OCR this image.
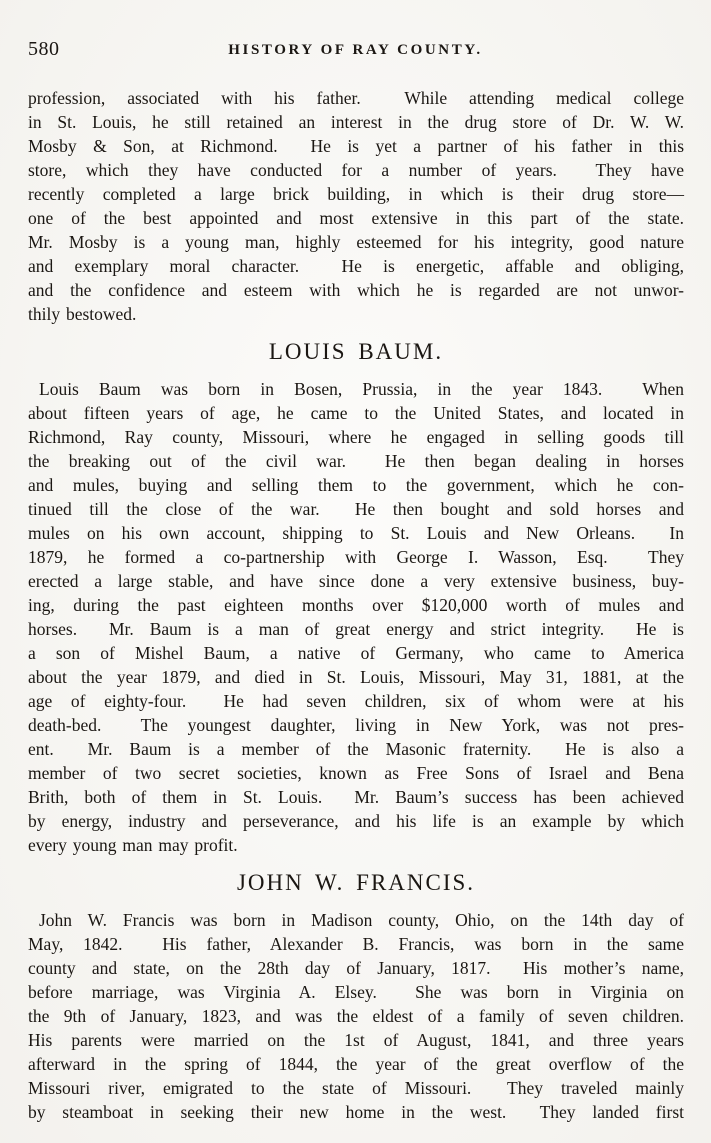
580	HISTORY OF RAY COUNTY.
profession, associated with his father.  While attending medical college
in St. Louis, he still retained an interest in the drug store of Dr. W. W.
Mosby & Son, at Richmond.  He is yet a partner of his father in this
store, which they have conducted for a number of years.  They have
recently completed a large brick building, in which is their drug store—
one of the best appointed and most extensive in this part of the state.
Mr. Mosby is a young man, highly esteemed for his integrity, good nature
and exemplary moral character.  He is energetic, affable and obliging,
and the confidence and esteem with which he is regarded are not unwor-
thily bestowed.
LOUIS BAUM.
Louis Baum was born in Bosen, Prussia, in the year 1843.  When
about fifteen years of age, he came to the United States, and located in
Richmond, Ray county, Missouri, where he engaged in selling goods till
the breaking out of the civil war.  He then began dealing in horses
and mules, buying and selling them to the government, which he con-
tinued till the close of the war.  He then bought and sold horses and
mules on his own account, shipping to St. Louis and New Orleans.  In
1879, he formed a co-partnership with George I. Wasson, Esq.  They
erected a large stable, and have since done a very extensive business, buy-
ing, during the past eighteen months over $120,000 worth of mules and
horses.  Mr. Baum is a man of great energy and strict integrity.  He is
a son of Mishel Baum, a native of Germany, who came to America
about the year 1879, and died in St. Louis, Missouri, May 31, 1881, at the
age of eighty-four.  He had seven children, six of whom were at his
death-bed.  The youngest daughter, living in New York, was not pres-
ent.  Mr. Baum is a member of the Masonic fraternity.  He is also a
member of two secret societies, known as Free Sons of Israel and Bena
Brith, both of them in St. Louis.  Mr. Baum’s success has been achieved
by energy, industry and perseverance, and his life is an example by which
every young man may profit.
JOHN W. FRANCIS.
John W. Francis was born in Madison county, Ohio, on the 14th day of
May, 1842.  His father, Alexander B. Francis, was born in the same
county and state, on the 28th day of January, 1817.  His mother’s name,
before marriage, was Virginia A. Elsey.  She was born in Virginia on
the 9th of January, 1823, and was the eldest of a family of seven children.
His parents were married on the 1st of August, 1841, and three years
afterward in the spring of 1844, the year of the great overflow of the
Missouri river, emigrated to the state of Missouri.  They traveled mainly
by steamboat in seeking their new home in the west.  They landed first
